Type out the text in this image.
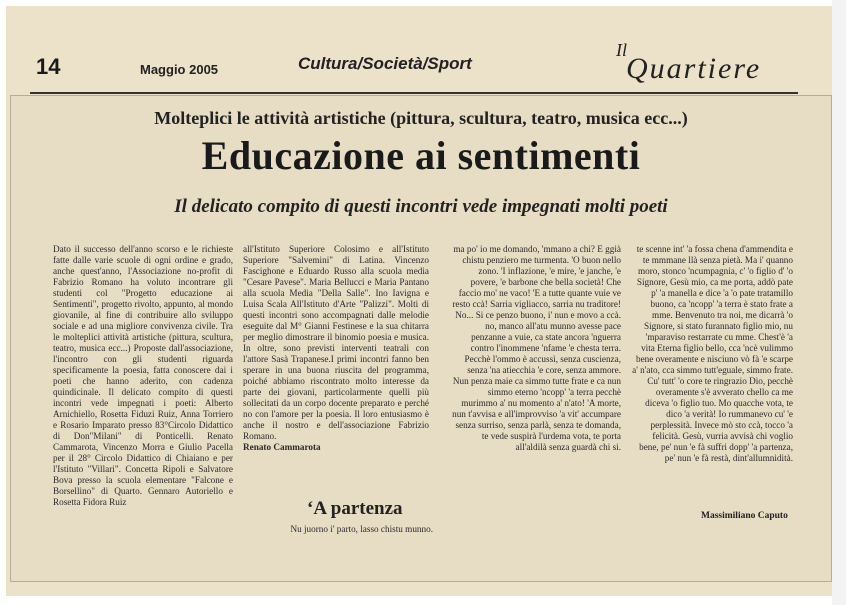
14	Maggio 2005	Cultura/Società/Sport
Il
Quartiere
Molteplici le attività artistiche (pittura, scultura, teatro, musica ecc...)
Educazione ai sentimenti
Il delicato compito di questi incontri vede impegnati molti poeti

Dato il successo dell'anno scorso e le richieste fatte dalle varie scuole di ogni ordine e grado, anche quest'anno, l'Associazione no-profit di Fabrizio Romano ha voluto incontrare gli studenti col "Progetto educazione ai Sentimenti", progetto rivolto, appunto, al mondo giovanile, al fine di contribuire allo sviluppo sociale e ad una migliore convivenza civile. Tra le molteplici attività artistiche (pittura, scultura, teatro, musica ecc...) Proposte dall'associazione, l'incontro con gli studenti riguarda specificamente la poesia, fatta conoscere dai i poeti che hanno aderito, con cadenza quindicinale. Il delicato compito di questi incontri vede impegnati i poeti: Alberto Arnichiello, Rosetta Fiduzi Ruiz, Anna Torriero e Rosario Imparato presso 83°Circolo Didattico di Don"Milani" di Ponticelli. Renato Cammarota, Vincenzo Morra e Giulio Pacella per il 28° Circolo Didattico di Chiaiano e per l'Istituto "Villari". Concetta Ripoli e Salvatore Bova presso la scuola elementare "Falcone e Borsellino" di Quarto. Gennaro Autoriello e Rosetta Fidora Ruiz

all'Istituto Superiore Colosimo e all'Istituto Superiore "Salvemini" di Latina. Vincenzo Fascighone e Eduardo Russo alla scuola media "Cesare Pavese". Maria Bellucci e Maria Pantano alla scuola Media "Della Salle". Ino Iavigna e Luisa Scala All'Istituto d'Arte "Palizzi". Molti di questi incontri sono accompagnati dalle melodie eseguite dal M° Gianni Festinese e la sua chitarra per meglio dimostrare il binomio poesia e musica. In oltre, sono previsti interventi teatrali con l'attore Sasà Trapanese.I primi incontri fanno ben sperare in una buona riuscita del programma, poiché abbiamo riscontrato molto interesse da parte dei giovani, particolarmente quelli più sollecitati da un corpo docente preparato e perché no con l'amore per la poesia. Il loro entusiasmo è anche il nostro e dell'associazione Fabrizio Romano.

Renato Cammarota

‘A partenza
Nu juorno i' parto, lasso chistu munno.

ma po' io me domando, 'mmano a chi? E ggià chistu penziero me turmenta. 'O buon nello zono. 'I inflazione, 'e mire, 'e janche, 'e povere, 'e barbone che bella società! Che faccio mo' ne vaco! 'E a tutte quante vuie ve resto ccà! Sarria vigliacco, sarria nu traditore! No... Si ce penzo buono, i' nun e movo a ccà. no, manco all'atu munno avesse pace penzanne a vuie, ca state ancora 'nguerra contro l'inommene 'nfame 'e chesta terra. Pecchè l'ommo è accussì, senza cuscienza, senza 'na atiecchia 'e core, senza ammore. Nun penza maie ca simmo tutte frate e ca nun simmo eterno 'ncopp' 'a terra pecchè murimmo a' nu momento a' n'ato! 'A morte, nun t'avvisa e all'improvviso 'a vit' accumpare senza surriso, senza parlà, senza te domanda, te vede suspirà l'urdema vota, te porta all'aldilà senza guardà chi si.

te scenne int' 'a fossa chena d'ammendita e te mmmane llà senza pietà. Ma i' quanno moro, stonco 'ncumpagnia, c' 'o figlio d' 'o Signore, Gesù mio, ca me porta, addò pate p' 'a manella e dice 'a 'o pate tratamillo buono, ca 'ncopp' 'a terra è stato frate a mme. Benvenuto tra noi, me dicarrà 'o Signore, si stato furannato figlio mio, nu 'mparaviso restarrate cu mme. Chest'è 'a vita Eterna figlio bello, cca 'ncè vulimmo bene overamente e nisciuno vò fà 'e scarpe a' n'ato, cca simmo tutt'eguale, simmo frate. Cu' tutt' 'o core te ringrazio Dio, pecchè overamente s'è avverato chello ca me diceva 'o figlio tuo. Mo quacche vota, te dico 'a verità! Io rummanevo cu' 'e perplessità. Invece mò sto ccà, tocco 'a felicità. Gesù, vurria avvisà chi voglio bene, pe' nun 'e fà suffri dopp' 'a partenza, pe' nun 'e fà restà, dint'allumnidità.

Massimiliano Caputo
